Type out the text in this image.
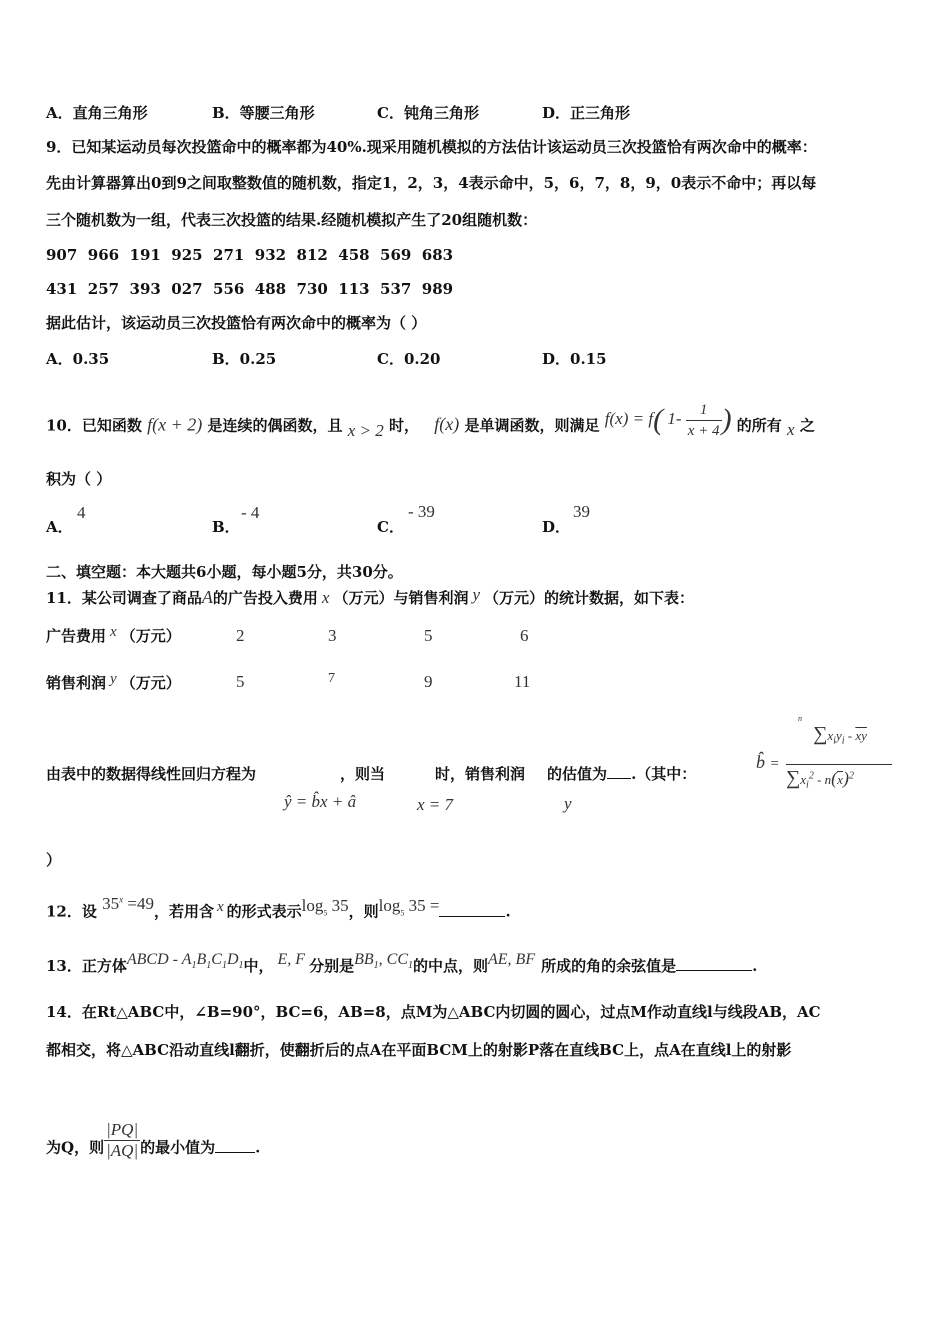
A．直角三角形	B．等腰三角形	C．钝角三角形	D．正三角形
9．已知某运动员每次投篮命中的概率都为40%.现采用随机模拟的方法估计该运动员三次投篮恰有两次命中的概率：
先由计算器算出0到9之间取整数值的随机数，指定1，2，3，4表示命中，5，6，7，8，9，0表示不命中；再以每
三个随机数为一组，代表三次投篮的结果.经随机模拟产生了20组随机数：
907  966  191  925  271  932  812  458  569  683
431  257  393  027  556  488  730  113  537  989
据此估计，该运动员三次投篮恰有两次命中的概率为（ ）
A．0.35	B．0.25	C．0.20	D．0.15
10．已知函数 f(x + 2) 是连续的偶函数，且 x > 2 时， f(x) 是单调函数，则满足 f(x) = f( $1- \frac{1}{x + 4}$ ) 的所有 x 之
积为（ ）
A．
4
B．
- 4
C．
- 39
D．
39
二、填空题：本大题共6小题，每小题5分，共30分。
11．某公司调查了商品A的广告投入费用 x （万元）与销售利润 y （万元）的统计数据，如下表：
广告费用 x （万元）	2	3	5	6
销售利润 y （万元）	5	7	9	11
由表中的数据得线性回归方程为	，则当	时，销售利润 的估值为 .（其中：
ŷ = b̂x + â	x = 7	y
b̂ =
n
$\sum x_iy_i - \overline{xy}$
$\sum x_i^2 - n(\overline{x})^2$
）
12．设 $35^x =49$，若用含 x 的形式表示$\log_5 35$，则$\log_5 35$ =	.
13．正方体ABCD - $A_1B_1C_1D_1$中， E, F 分别是$BB_1$, $CC_1$的中点，则AE, BF 所成的角的余弦值是	.
14．在Rt△ABC中，∠B=90°，BC=6，AB=8，点M为△ABC内切圆的圆心，过点M作动直线l与线段AB，AC
都相交，将△ABC沿动直线l翻折，使翻折后的点A在平面BCM上的射影P落在直线BC上，点A在直线l上的射影
为Q，则 $\frac{|PQ|}{|AQ|}$ 的最小值为	.
